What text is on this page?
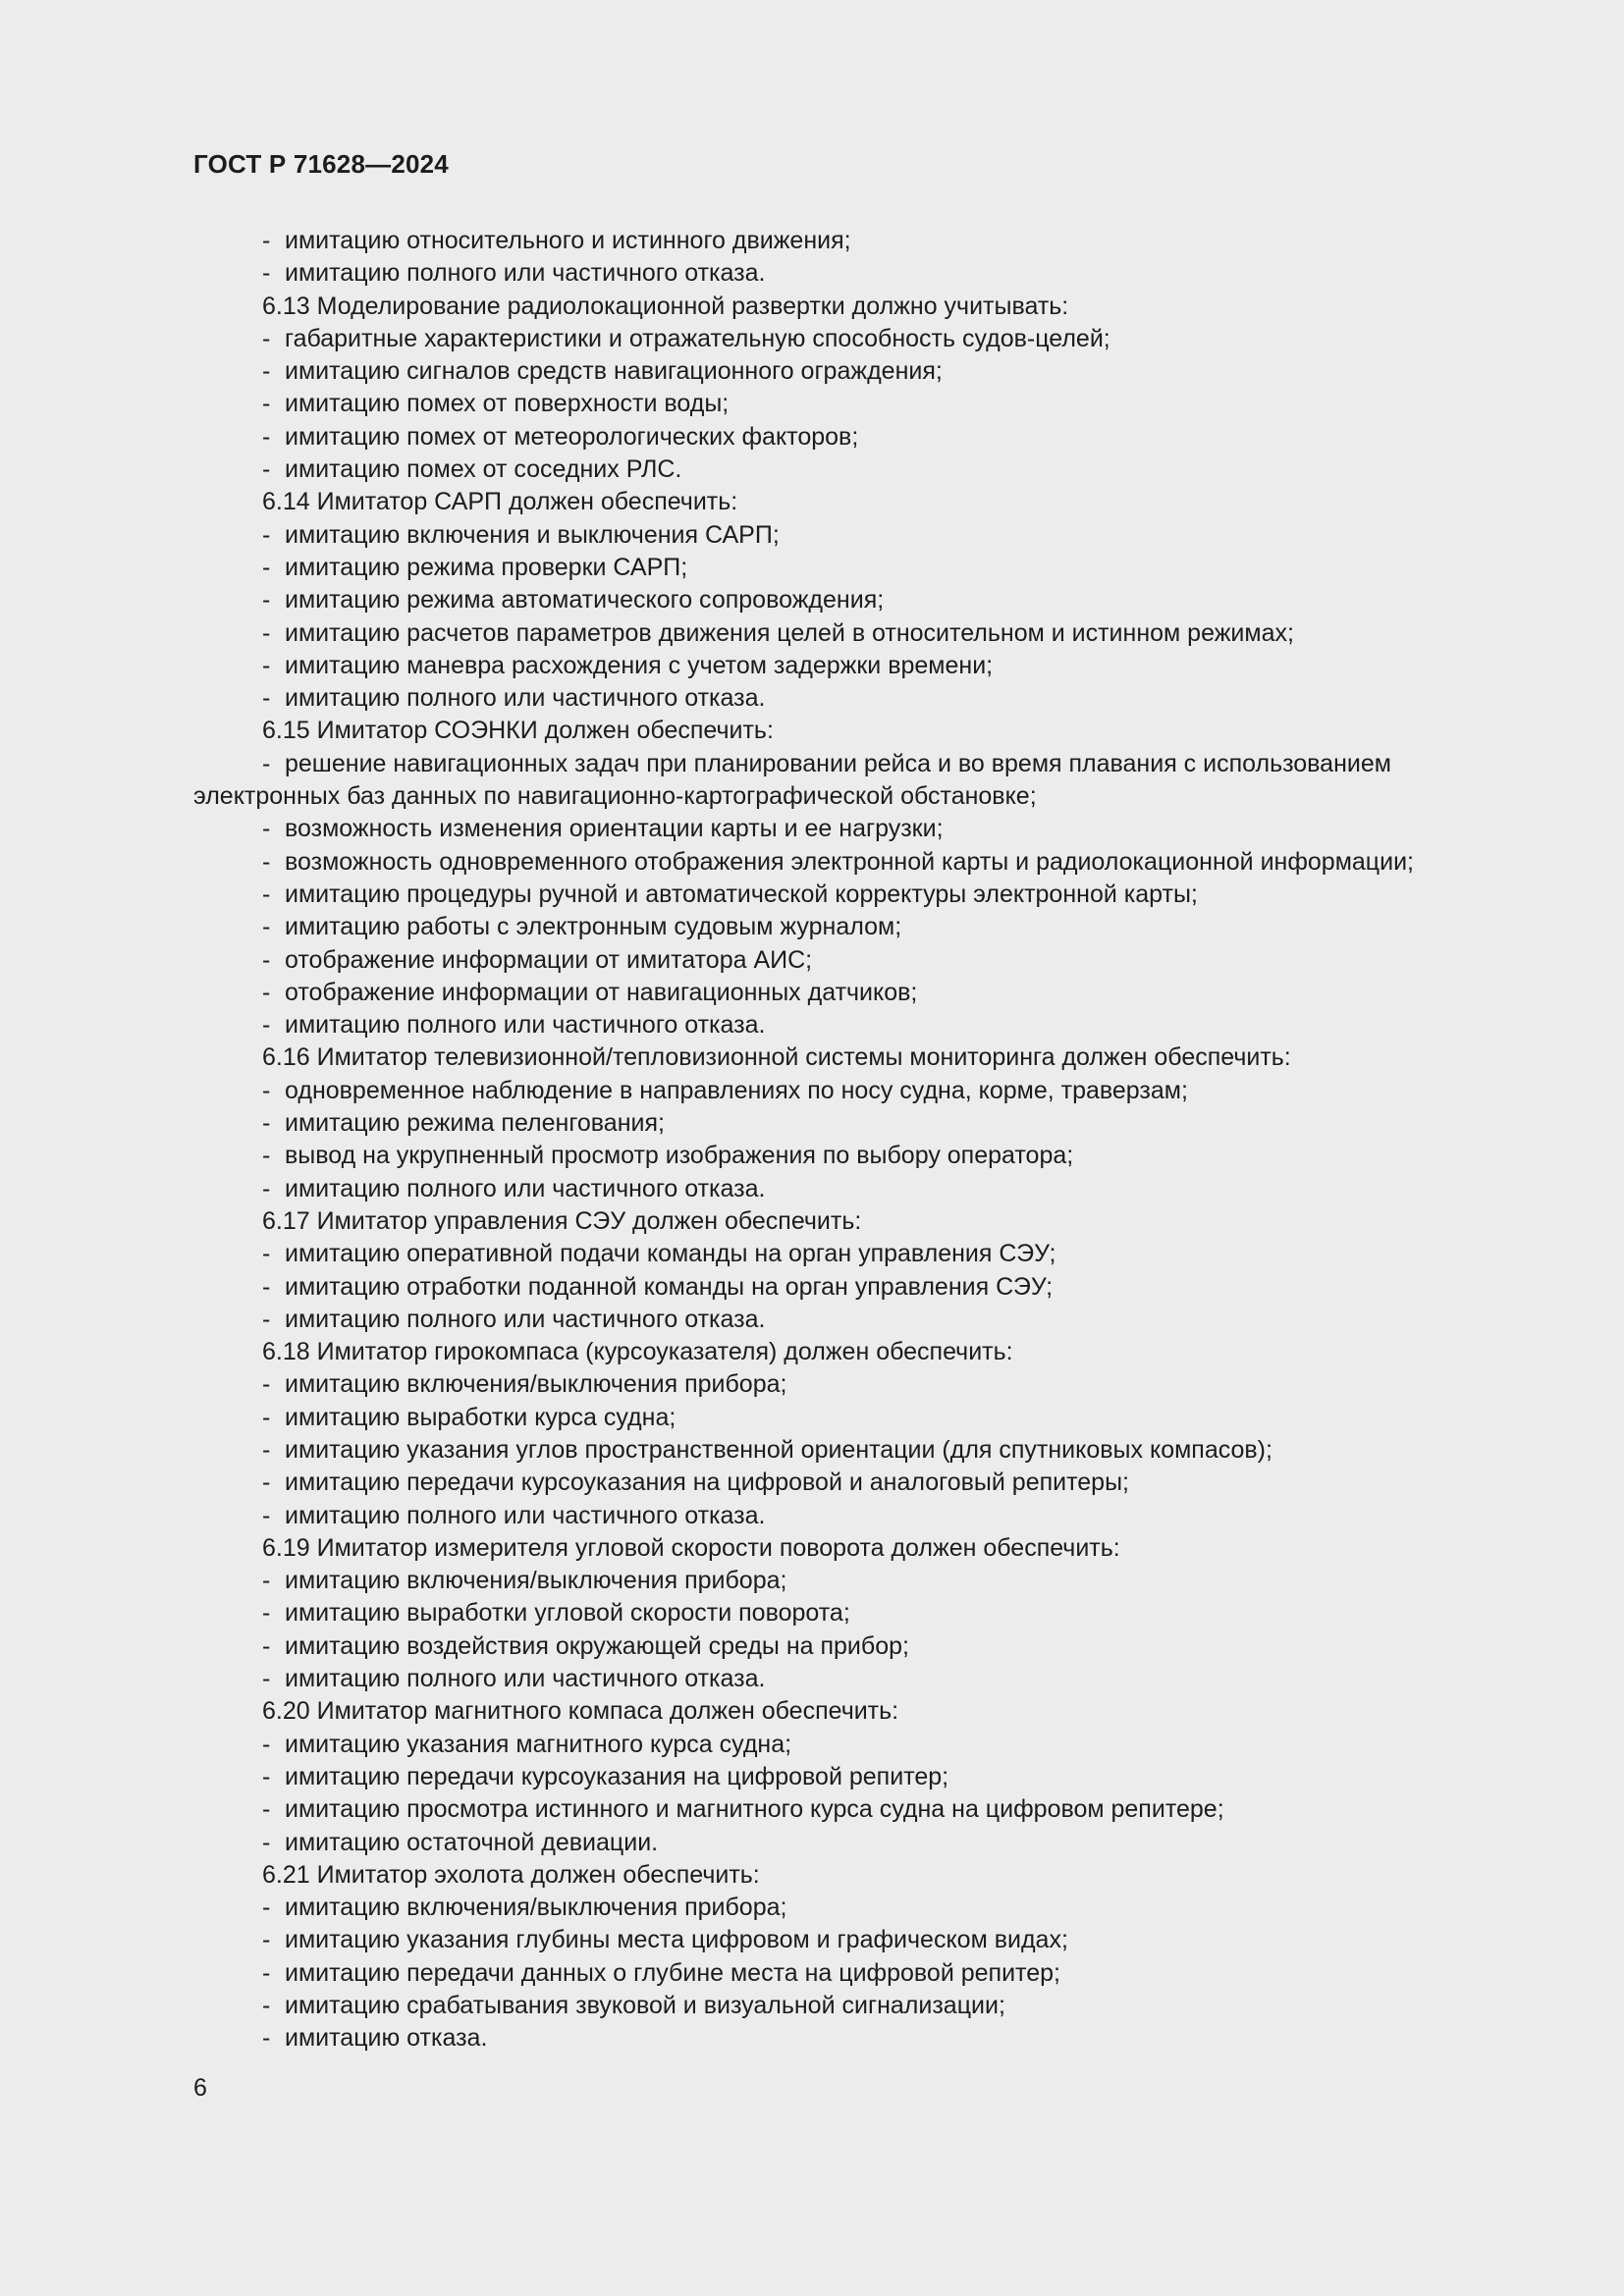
ГОСТ Р 71628—2024
- имитацию относительного и истинного движения;
- имитацию полного или частичного отказа.
6.13 Моделирование радиолокационной развертки должно учитывать:
- габаритные характеристики и отражательную способность судов-целей;
- имитацию сигналов средств навигационного ограждения;
- имитацию помех от поверхности воды;
- имитацию помех от метеорологических факторов;
- имитацию помех от соседних РЛС.
6.14 Имитатор САРП должен обеспечить:
- имитацию включения и выключения САРП;
- имитацию режима проверки САРП;
- имитацию режима автоматического сопровождения;
- имитацию расчетов параметров движения целей в относительном и истинном режимах;
- имитацию маневра расхождения с учетом задержки времени;
- имитацию полного или частичного отказа.
6.15 Имитатор СОЭНКИ должен обеспечить:
- решение навигационных задач при планировании рейса и во время плавания с использованием
электронных баз данных по навигационно-картографической обстановке;
- возможность изменения ориентации карты и ее нагрузки;
- возможность одновременного отображения электронной карты и радиолокационной информации;
- имитацию процедуры ручной и автоматической корректуры электронной карты;
- имитацию работы с электронным судовым журналом;
- отображение информации от имитатора АИС;
- отображение информации от навигационных датчиков;
- имитацию полного или частичного отказа.
6.16 Имитатор телевизионной/тепловизионной системы мониторинга должен обеспечить:
- одновременное наблюдение в направлениях по носу судна, корме, траверзам;
- имитацию режима пеленгования;
- вывод на укрупненный просмотр изображения по выбору оператора;
- имитацию полного или частичного отказа.
6.17 Имитатор управления СЭУ должен обеспечить:
- имитацию оперативной подачи команды на орган управления СЭУ;
- имитацию отработки поданной команды на орган управления СЭУ;
- имитацию полного или частичного отказа.
6.18 Имитатор гирокомпаса (курсоуказателя) должен обеспечить:
- имитацию включения/выключения прибора;
- имитацию выработки курса судна;
- имитацию указания углов пространственной ориентации (для спутниковых компасов);
- имитацию передачи курсоуказания на цифровой и аналоговый репитеры;
- имитацию полного или частичного отказа.
6.19 Имитатор измерителя угловой скорости поворота должен обеспечить:
- имитацию включения/выключения прибора;
- имитацию выработки угловой скорости поворота;
- имитацию воздействия окружающей среды на прибор;
- имитацию полного или частичного отказа.
6.20 Имитатор магнитного компаса должен обеспечить:
- имитацию указания магнитного курса судна;
- имитацию передачи курсоуказания на цифровой репитер;
- имитацию просмотра истинного и магнитного курса судна на цифровом репитере;
- имитацию остаточной девиации.
6.21 Имитатор эхолота должен обеспечить:
- имитацию включения/выключения прибора;
- имитацию указания глубины места цифровом и графическом видах;
- имитацию передачи данных о глубине места на цифровой репитер;
- имитацию срабатывания звуковой и визуальной сигнализации;
- имитацию отказа.
6
